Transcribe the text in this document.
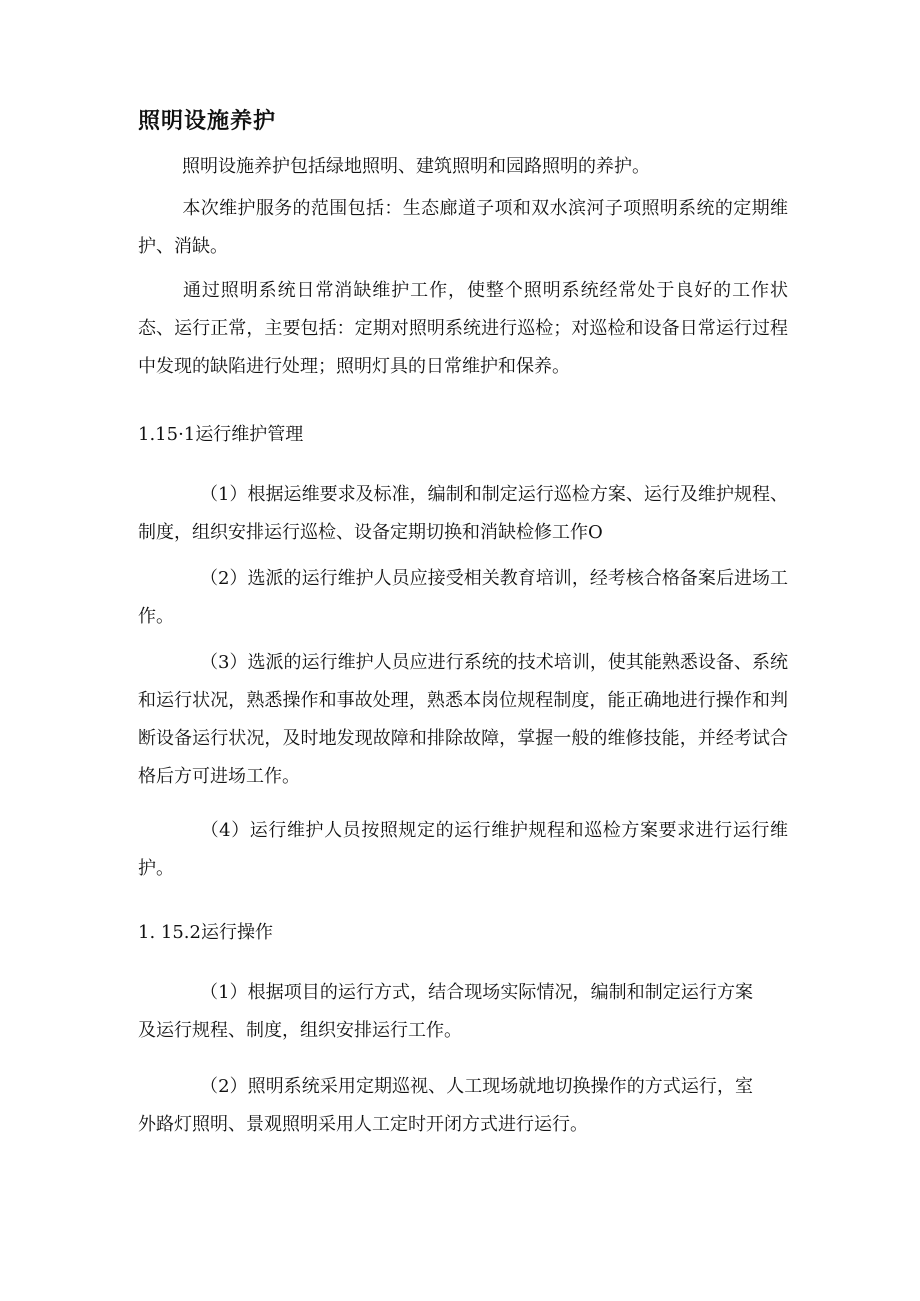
照明设施养护
照明设施养护包括绿地照明、建筑照明和园路照明的养护。
本次维护服务的范围包括：生态廊道子项和双水滨河子项照明系统的定期维护、消缺。
通过照明系统日常消缺维护工作，使整个照明系统经常处于良好的工作状态、运行正常，主要包括：定期对照明系统进行巡检；对巡检和设备日常运行过程中发现的缺陷进行处理；照明灯具的日常维护和保养。
1.15·1运行维护管理
（1）根据运维要求及标准，编制和制定运行巡检方案、运行及维护规程、制度，组织安排运行巡检、设备定期切换和消缺检修工作O
（2）选派的运行维护人员应接受相关教育培训，经考核合格备案后进场工作。
（3）选派的运行维护人员应进行系统的技术培训，使其能熟悉设备、系统和运行状况，熟悉操作和事故处理，熟悉本岗位规程制度，能正确地进行操作和判断设备运行状况，及时地发现故障和排除故障，掌握一般的维修技能，并经考试合格后方可进场工作。
（4）运行维护人员按照规定的运行维护规程和巡检方案要求进行运行维护。
1. 15.2运行操作
（1）根据项目的运行方式，结合现场实际情况，编制和制定运行方案及运行规程、制度，组织安排运行工作。
（2）照明系统采用定期巡视、人工现场就地切换操作的方式运行，室外路灯照明、景观照明采用人工定时开闭方式进行运行。
